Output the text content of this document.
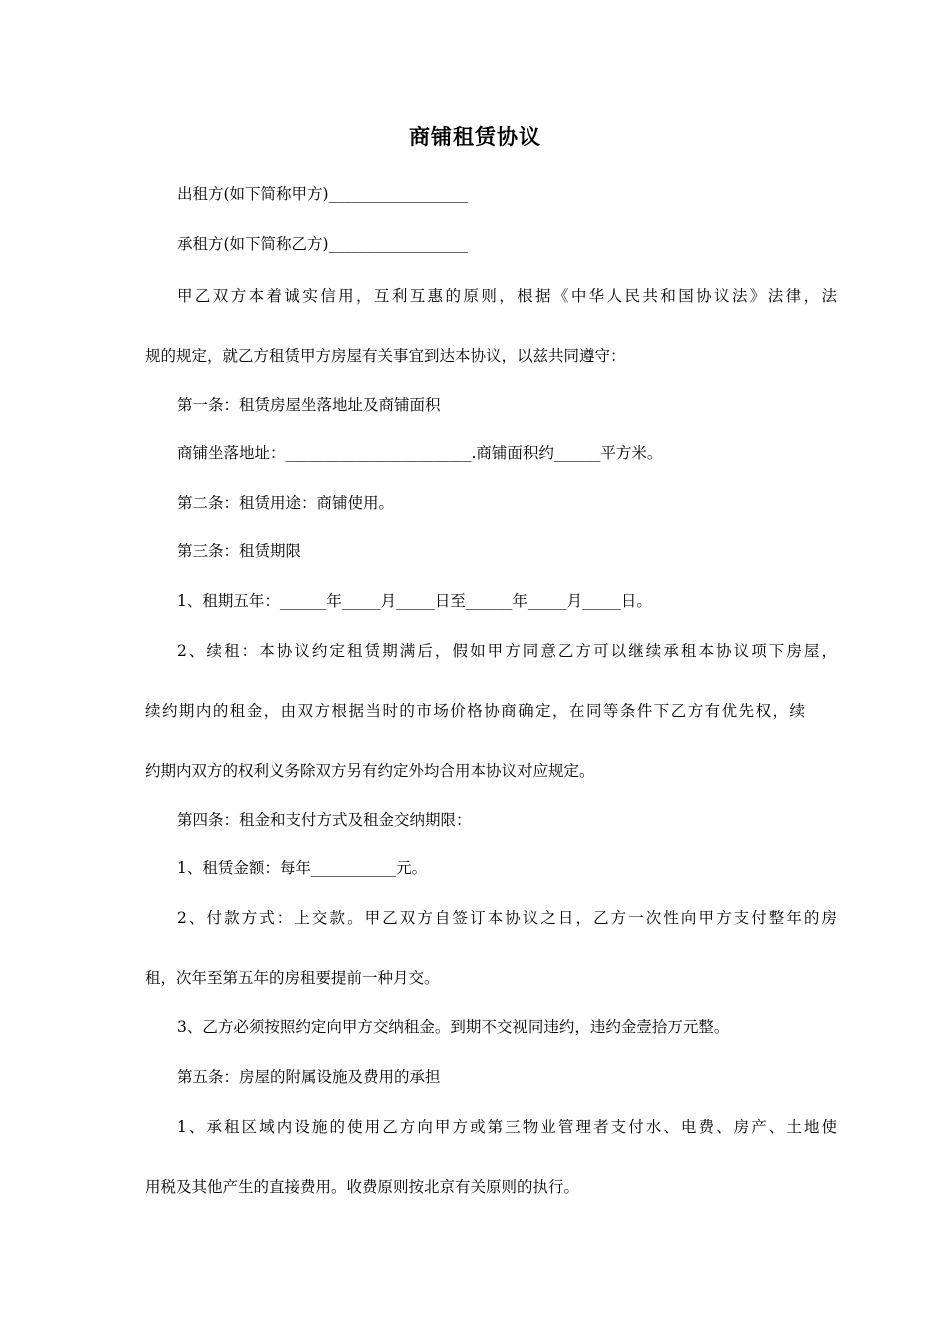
商铺租赁协议
出租方(如下简称甲方)__________________
承租方(如下简称乙方)__________________
甲乙双方本着诚实信用，互利互惠的原则，根据《中华人民共和国协议法》法律，法
规的规定，就乙方租赁甲方房屋有关事宜到达本协议，以兹共同遵守：
第一条：租赁房屋坐落地址及商铺面积
商铺坐落地址：________________________.商铺面积约______平方米。
第二条：租赁用途：商铺使用。
第三条：租赁期限
1、租期五年：______年_____月_____日至______年_____月_____日。
2、续租：本协议约定租赁期满后，假如甲方同意乙方可以继续承租本协议项下房屋，
续约期内的租金，由双方根据当时的市场价格协商确定，在同等条件下乙方有优先权，续
约期内双方的权利义务除双方另有约定外均合用本协议对应规定。
第四条：租金和支付方式及租金交纳期限：
1、租赁金额：每年___________元。
2、付款方式：上交款。甲乙双方自签订本协议之日，乙方一次性向甲方支付整年的房
租，次年至第五年的房租要提前一种月交。
3、乙方必须按照约定向甲方交纳租金。到期不交视同违约，违约金壹拾万元整。
第五条：房屋的附属设施及费用的承担
1、承租区域内设施的使用乙方向甲方或第三物业管理者支付水、电费、房产、土地使
用税及其他产生的直接费用。收费原则按北京有关原则的执行。
